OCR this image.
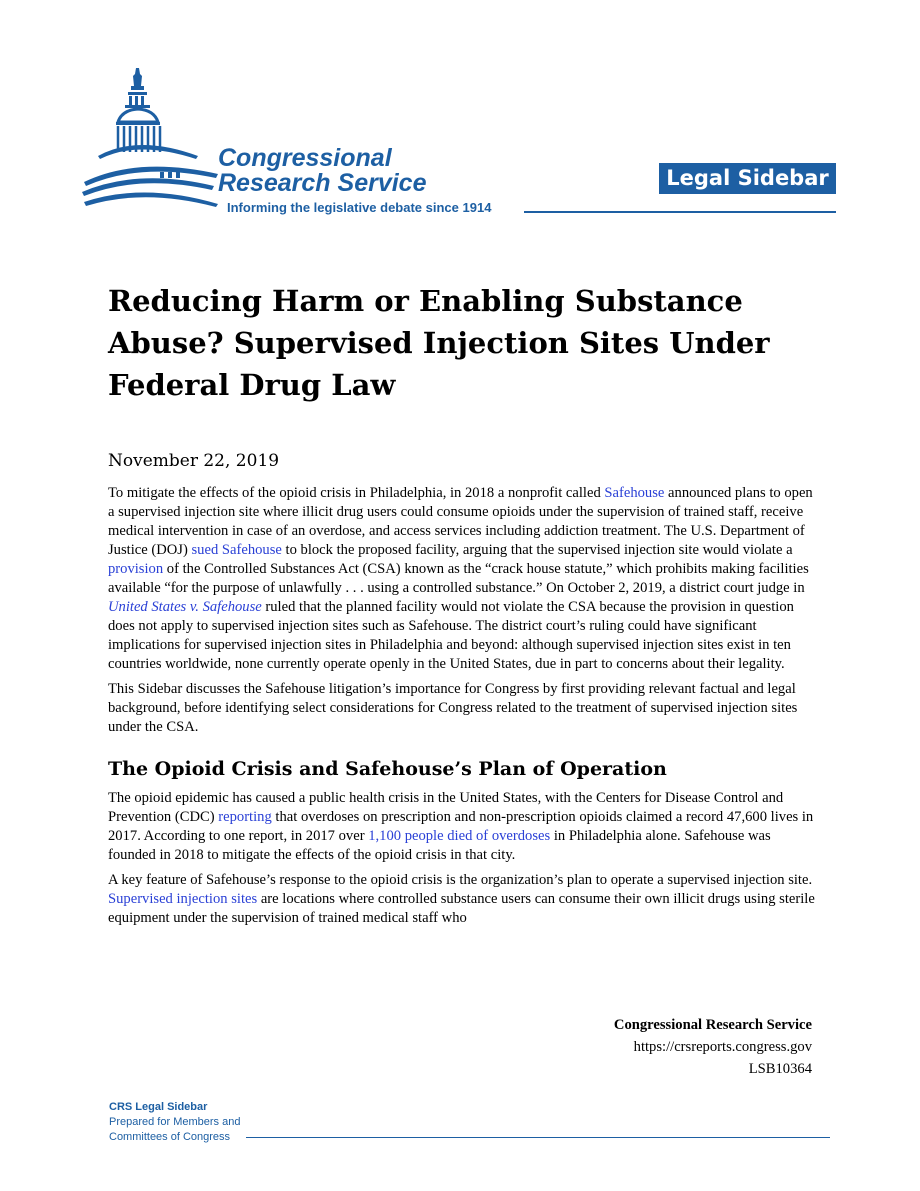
Congressional
Research Service
Informing the legislative debate since 1914
Legal Sidebar
Reducing Harm or Enabling Substance Abuse? Supervised Injection Sites Under Federal Drug Law
November 22, 2019

To mitigate the effects of the opioid crisis in Philadelphia, in 2018 a nonprofit called Safehouse announced plans to open a supervised injection site where illicit drug users could consume opioids under the supervision of trained staff, receive medical intervention in case of an overdose, and access services including addiction treatment. The U.S. Department of Justice (DOJ) sued Safehouse to block the proposed facility, arguing that the supervised injection site would violate a provision of the Controlled Substances Act (CSA) known as the “crack house statute,” which prohibits making facilities available “for the purpose of unlawfully . . . using a controlled substance.” On October 2, 2019, a district court judge in United States v. Safehouse ruled that the planned facility would not violate the CSA because the provision in question does not apply to supervised injection sites such as Safehouse. The district court’s ruling could have significant implications for supervised injection sites in Philadelphia and beyond: although supervised injection sites exist in ten countries worldwide, none currently operate openly in the United States, due in part to concerns about their legality.

This Sidebar discusses the Safehouse litigation’s importance for Congress by first providing relevant factual and legal background, before identifying select considerations for Congress related to the treatment of supervised injection sites under the CSA.

The Opioid Crisis and Safehouse’s Plan of Operation

The opioid epidemic has caused a public health crisis in the United States, with the Centers for Disease Control and Prevention (CDC) reporting that overdoses on prescription and non-prescription opioids claimed a record 47,600 lives in 2017. According to one report, in 2017 over 1,100 people died of overdoses in Philadelphia alone. Safehouse was founded in 2018 to mitigate the effects of the opioid crisis in that city.

A key feature of Safehouse’s response to the opioid crisis is the organization’s plan to operate a supervised injection site. Supervised injection sites are locations where controlled substance users can consume their own illicit drugs using sterile equipment under the supervision of trained medical staff who

Congressional Research Service
https://crsreports.congress.gov
LSB10364
CRS Legal Sidebar
Prepared for Members and
Committees of Congress
